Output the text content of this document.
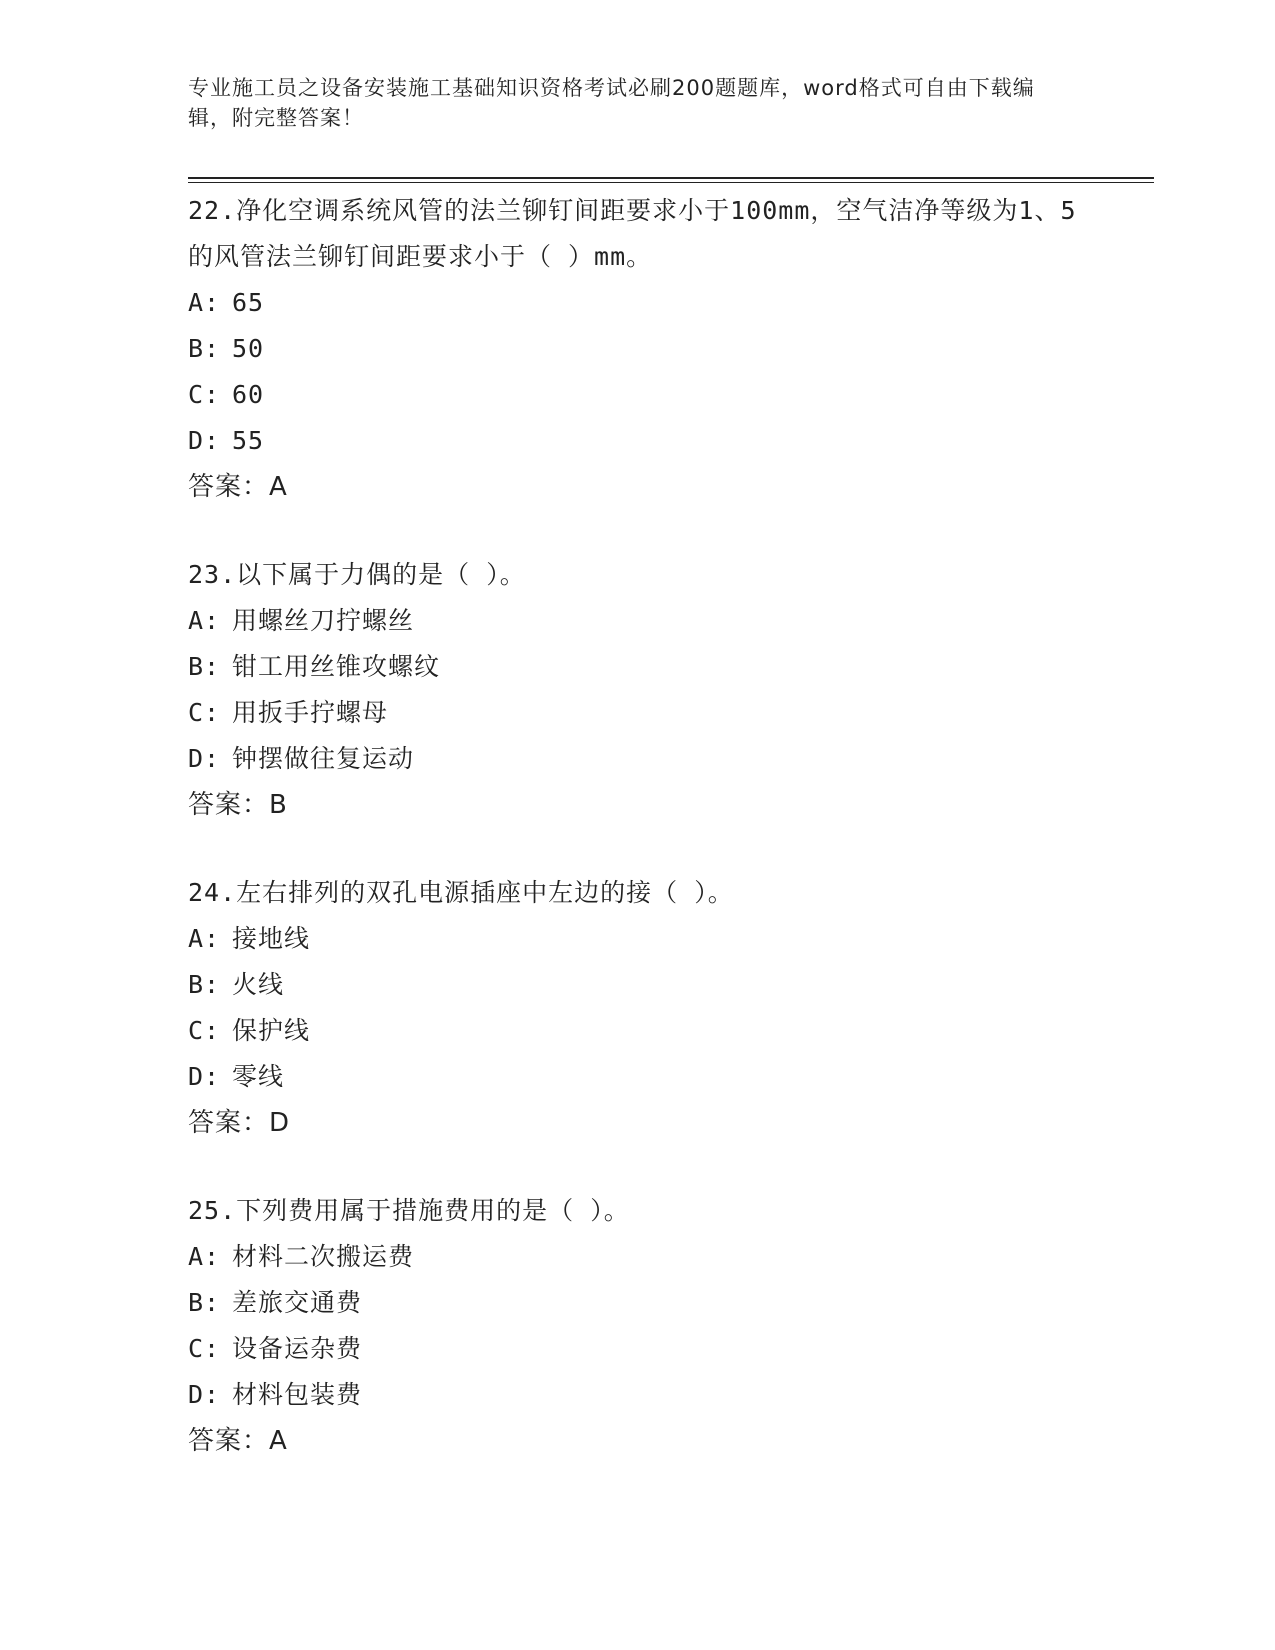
专业施工员之设备安装施工基础知识资格考试必刷200题题库，word格式可自由下载编辑，附完整答案！

22.净化空调系统风管的法兰铆钉间距要求小于100mm，空气洁净等级为1、5的风管法兰铆钉间距要求小于（ ）mm。

A: 65
B: 50
C: 60
D: 55
答案：A

23.以下属于力偶的是（ ）。

A: 用螺丝刀拧螺丝
B: 钳工用丝锥攻螺纹
C: 用扳手拧螺母
D: 钟摆做往复运动
答案：B

24.左右排列的双孔电源插座中左边的接（ ）。

A: 接地线
B: 火线
C: 保护线
D: 零线
答案：D

25.下列费用属于措施费用的是（ ）。

A: 材料二次搬运费
B: 差旅交通费
C: 设备运杂费
D: 材料包装费
答案：A
